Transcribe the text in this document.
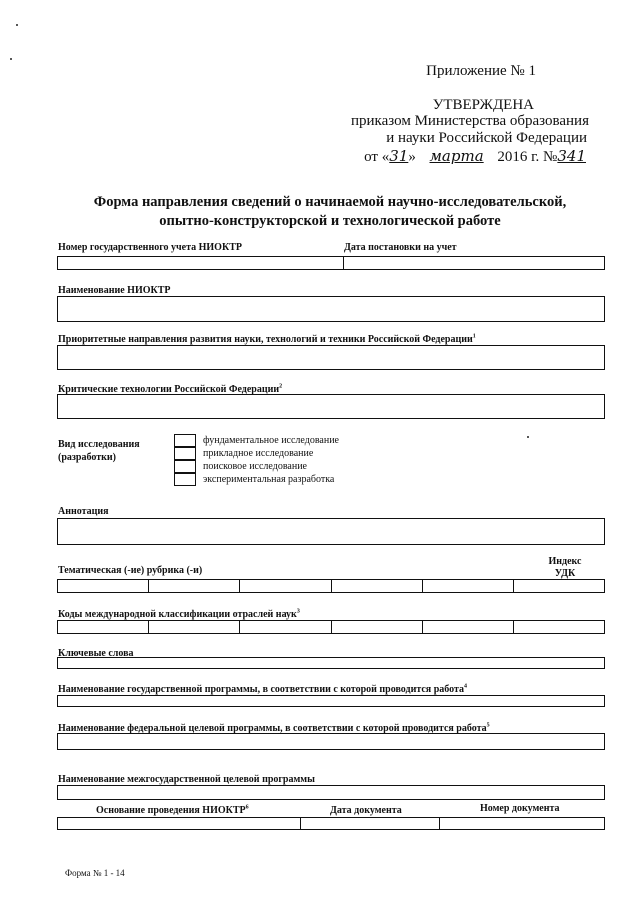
Приложение № 1
УТВЕРЖДЕНА
приказом Министерства образования
и науки Российской Федерации
от «31» марта 2016 г. №341
Форма направления сведений о начинаемой научно-исследовательской,
опытно-конструкторской и технологической работе
Номер государственного учета НИОКТР	Дата постановки на учет
Наименование НИОКТР
Приоритетные направления развития науки, технологий и техники Российской Федерации$^1$
Критические технологии Российской Федерации$^2$
Вид исследования
(разработки)
фундаментальное исследование
прикладное исследование
поисковое исследование
экспериментальная разработка
Аннотация
Тематическая (-ие) рубрика (-и)
Индекс
УДК
Коды международной классификации отраслей наук$^3$
Ключевые слова
Наименование государственной программы, в соответствии с которой проводится работа$^4$
Наименование федеральной целевой программы, в соответствии с которой проводится работа$^5$
Наименование межгосударственной целевой программы
Основание проведения НИОКТР$^6$	Дата документа	Номер документа
Форма № 1 - 14
